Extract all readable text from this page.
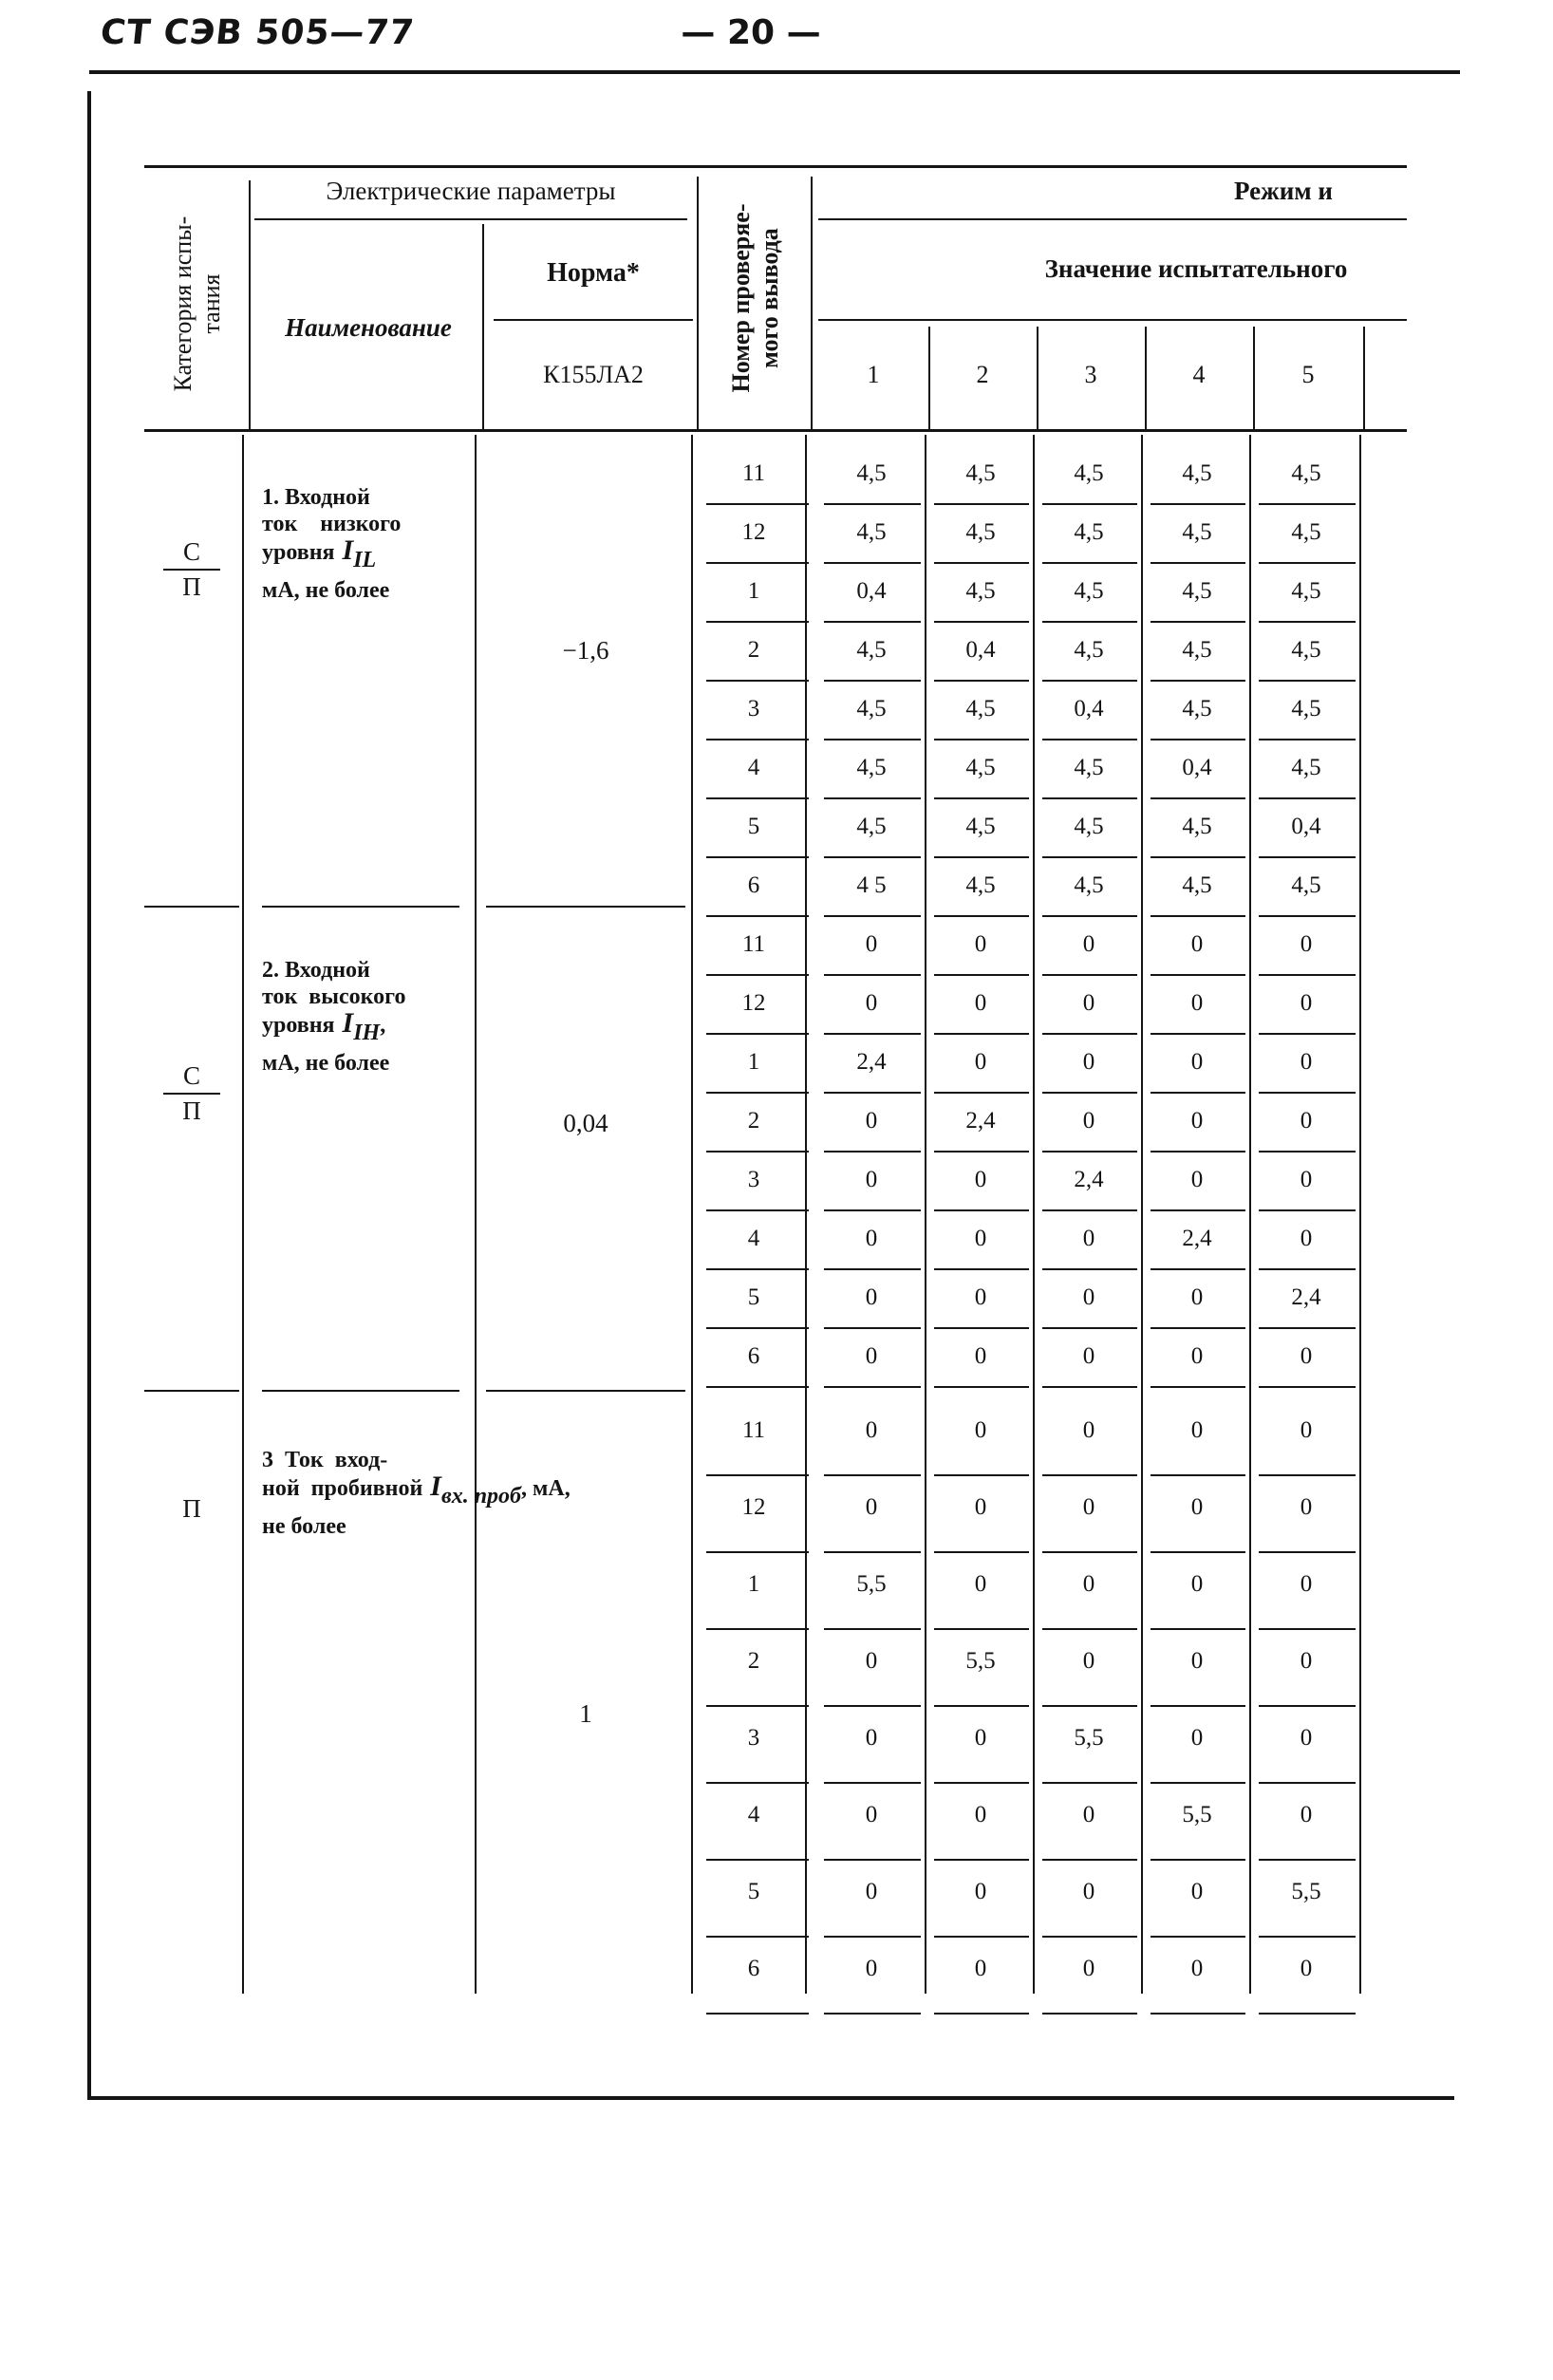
СТ СЭВ 505—77	— 20 —
Категория испы-
тания
Электрические параметры
Наименование
Норма*
К155ЛА2	Номер проверяе-
мого вывода
Режим и
Значение испытательного
1	2	3	4	5
С
П
1. Входной
ток    низкого
уровня IIL
мА, не более
−1,6
11	4,5	4,5	4,5	4,5	4,5
12	4,5	4,5	4,5	4,5	4,5
1	0,4	4,5	4,5	4,5	4,5
2	4,5	0,4	4,5	4,5	4,5
3	4,5	4,5	0,4	4,5	4,5
4	4,5	4,5	4,5	0,4	4,5
5	4,5	4,5	4,5	4,5	0,4
6	4 5	4,5	4,5	4,5	4,5
С
П
2. Входной
ток  высокого
уровня IIH,
мА, не более
0,04
11	0	0	0	0	0
12	0	0	0	0	0
1	2,4	0	0	0	0
2	0	2,4	0	0	0
3	0	0	2,4	0	0
4	0	0	0	2,4	0
5	0	0	0	0	2,4
6	0	0	0	0	0
П
3  Ток  вход-
ной  пробивной Iвх. проб, мА,
не более
1
11	0	0	0	0	0
12	0	0	0	0	0
1	5,5	0	0	0	0
2	0	5,5	0	0	0
3	0	0	5,5	0	0
4	0	0	0	5,5	0
5	0	0	0	0	5,5
6	0	0	0	0	0
